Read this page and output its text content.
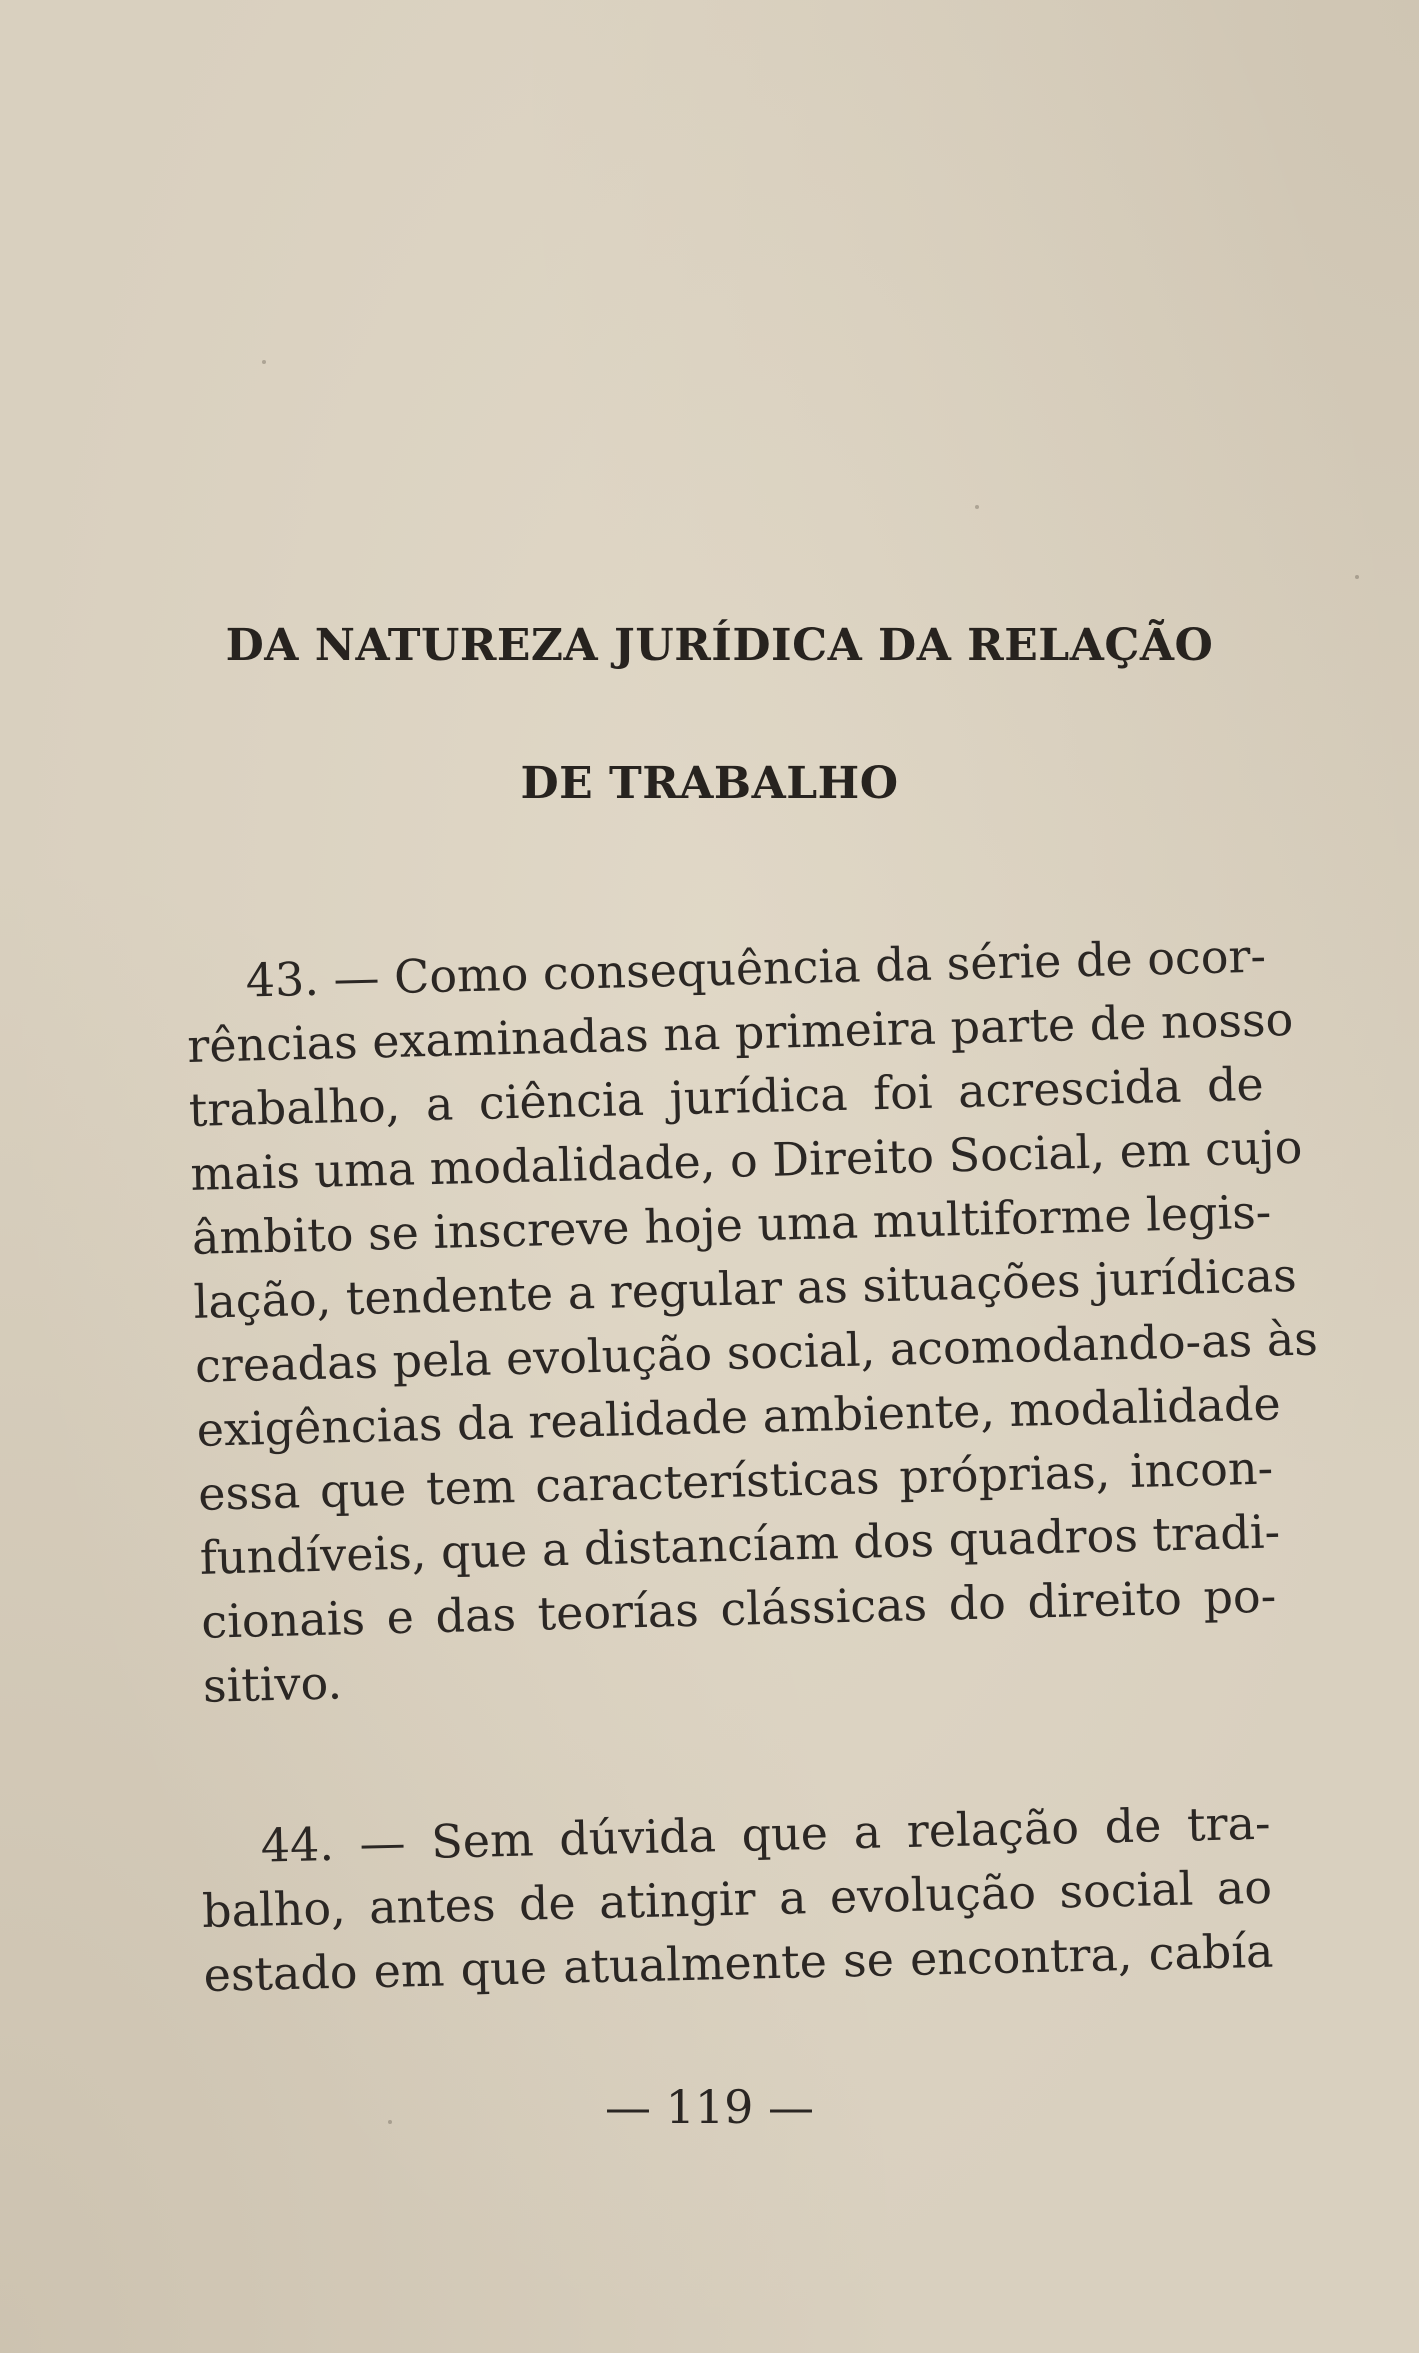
DA NATUREZA JURÍDICA DA RELAÇÃO
DE TRABALHO
43. — Como consequência da série de ocor-
rências examinadas na primeira parte de nosso
trabalho, a ciência jurídica foi acrescida de
mais uma modalidade, o Direito Social, em cujo
âmbito se inscreve hoje uma multiforme legis-
lação, tendente a regular as situações jurídicas
creadas pela evolução social, acomodando-as às
exigências da realidade ambiente, modalidade
essa que tem características próprias, incon-
fundíveis, que a distancíam dos quadros tradi-
cionais e das teorías clássicas do direito po-
sitivo.
44. — Sem dúvida que a relação de tra-
balho, antes de atingir a evolução social ao
estado em que atualmente se encontra, cabía
— 119 —
